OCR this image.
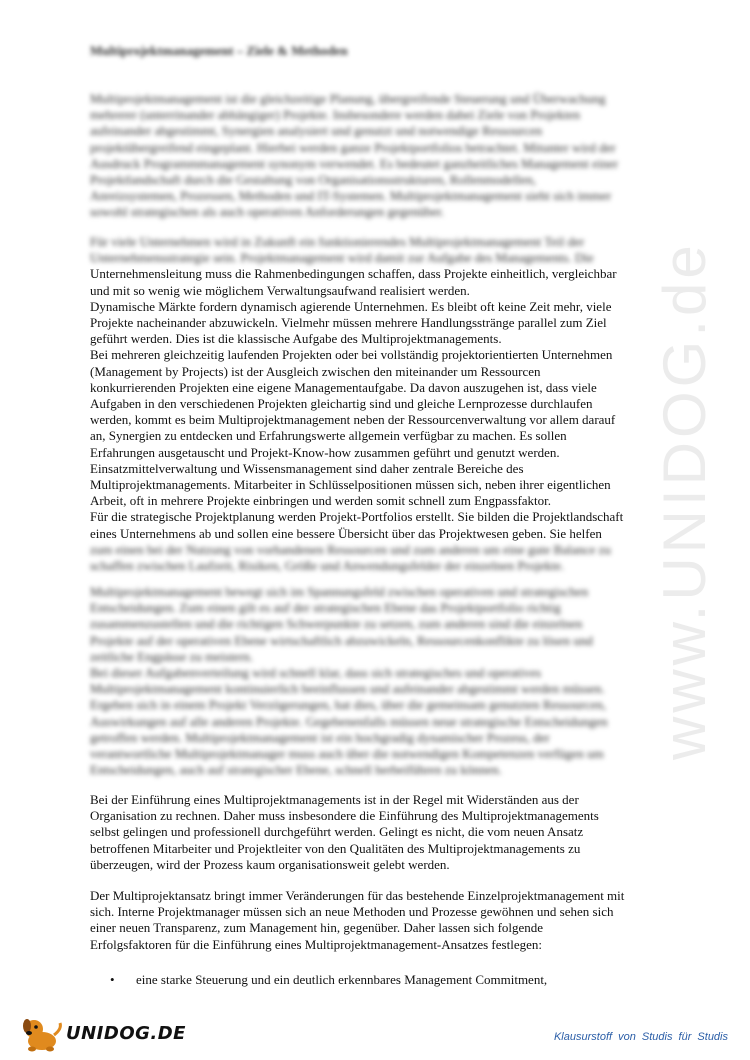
Multiprojektmanagement – Ziele & Methoden
Multiprojektmanagement ist die gleichzeitige Planung, übergreifende Steuerung und Überwachung
mehrerer (unterrinander abhängiger) Projekte. Insbesondere werden dabei Ziele von Projekten
aufeinander abgestimmt, Synergien analysiert und genutzt und notwendige Ressourcen
projektübergreifend eingeplant. Hierbei werden ganze Projektportfolios betrachtet. Mitunter wird der
Ausdruck Programmmanagement synonym verwendet. Es bedeutet ganzheitliches Management einer
Projektlandschaft durch die Gestaltung von Organisationsstrukturen, Rollenmodellen,
Anreizsystemen, Prozessen, Methoden und IT-Systemen. Multiprojektmanagement sieht sich immer
sowohl strategischen als auch operativen Anforderungen gegenüber.
Für viele Unternehmen wird in Zukunft ein funktionierendes Multiprojektmanagement Teil der
Unternehmensstrategie sein. Projektmanagement wird damit zur Aufgabe des Managements. Die
Unternehmensleitung muss die Rahmenbedingungen schaffen, dass Projekte einheitlich, vergleichbar
und mit so wenig wie möglichem Verwaltungsaufwand realisiert werden.
Dynamische Märkte fordern dynamisch agierende Unternehmen. Es bleibt oft keine Zeit mehr, viele
Projekte nacheinander abzuwickeln. Vielmehr müssen mehrere Handlungsstränge parallel zum Ziel
geführt werden. Dies ist die klassische Aufgabe des Multiprojektmanagements.
Bei mehreren gleichzeitig laufenden Projekten oder bei vollständig projektorientierten Unternehmen
(Management by Projects) ist der Ausgleich zwischen den miteinander um Ressourcen
konkurrierenden Projekten eine eigene Managementaufgabe. Da davon auszugehen ist, dass viele
Aufgaben in den verschiedenen Projekten gleichartig sind und gleiche Lernprozesse durchlaufen
werden, kommt es beim Multiprojektmanagement neben der Ressourcenverwaltung vor allem darauf
an, Synergien zu entdecken und Erfahrungswerte allgemein verfügbar zu machen. Es sollen
Erfahrungen ausgetauscht und Projekt-Know-how zusammen geführt und genutzt werden.
Einsatzmittelverwaltung und Wissensmanagement sind daher zentrale Bereiche des
Multiprojektmanagements. Mitarbeiter in Schlüsselpositionen müssen sich, neben ihrer eigentlichen
Arbeit, oft in mehrere Projekte einbringen und werden somit schnell zum Engpassfaktor.
Für die strategische Projektplanung werden Projekt-Portfolios erstellt. Sie bilden die Projektlandschaft
eines Unternehmens ab und sollen eine bessere Übersicht über das Projektwesen geben. Sie helfen
zum einen bei der Nutzung von vorhandenen Ressourcen und zum anderen um eine gute Balance zu
schaffen zwischen Laufzeit, Risiken, Größe und Anwendungsfelder der einzelnen Projekte.
Multiprojektmanagement bewegt sich im Spannungsfeld zwischen operativen und strategischen
Entscheidungen. Zum einen gilt es auf der strategischen Ebene das Projektportfolio richtig
zusammenzustellen und die richtigen Schwerpunkte zu setzen, zum anderen sind die einzelnen
Projekte auf der operativen Ebene wirtschaftlich abzuwickeln, Ressourcenkonflikte zu lösen und
zeitliche Engpässe zu meistern.
Bei dieser Aufgabenverteilung wird schnell klar, dass sich strategisches und operatives
Multiprojektmanagement kontinuierlich beeinflussen und aufeinander abgestimmt werden müssen.
Ergeben sich in einem Projekt Verzögerungen, hat dies, über die gemeinsam genutzten Ressourcen,
Auswirkungen auf alle anderen Projekte. Gegebenenfalls müssen neue strategische Entscheidungen
getroffen werden. Multiprojektmanagement ist ein hochgradig dynamischer Prozess, der
verantwortliche Multiprojektmanager muss auch über die notwendigen Kompetenzen verfügen um
Entscheidungen, auch auf strategischer Ebene, schnell herbeiführen zu können.
Bei der Einführung eines Multiprojektmanagements ist in der Regel mit Widerständen aus der
Organisation zu rechnen. Daher muss insbesondere die Einführung des Multiprojektmanagements
selbst gelingen und professionell durchgeführt werden. Gelingt es nicht, die vom neuen Ansatz
betroffenen Mitarbeiter und Projektleiter von den Qualitäten des Multiprojektmanagements zu
überzeugen, wird der Prozess kaum organisationsweit gelebt werden.
Der Multiprojektansatz bringt immer Veränderungen für das bestehende Einzelprojektmanagement mit
sich. Interne Projektmanager müssen sich an neue Methoden und Prozesse gewöhnen und sehen sich
einer neuen Transparenz, zum Management hin, gegenüber. Daher lassen sich folgende
Erfolgsfaktoren für die Einführung eines Multiprojektmanagement-Ansatzes festlegen:
• eine starke Steuerung und ein deutlich erkennbares Management Commitment,
www.UNIDOG.de
UNIDOG.DE	Klausurstoff von Studis für Studis
